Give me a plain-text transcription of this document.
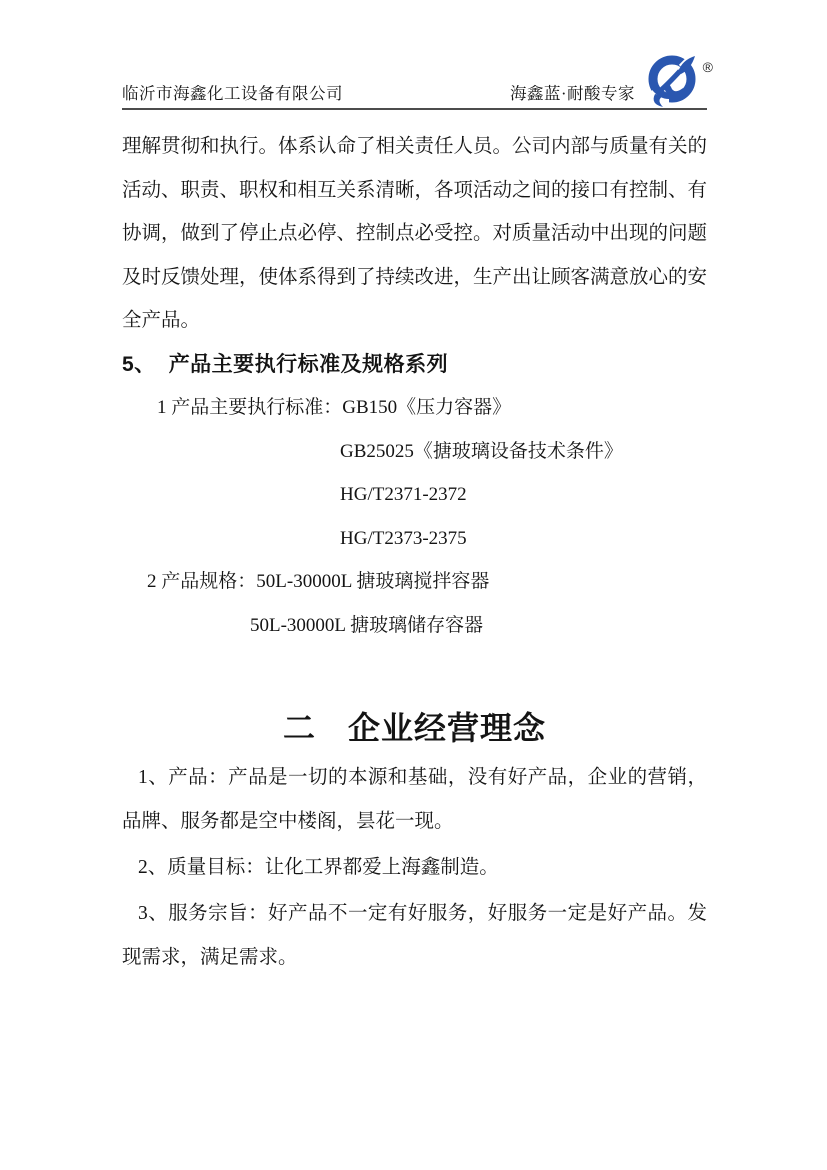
临沂市海鑫化工设备有限公司	海鑫蓝·耐酸专家
®
理解贯彻和执行。体系认命了相关责任人员。公司内部与质量有关的
活动、职责、职权和相互关系清晰，各项活动之间的接口有控制、有
协调，做到了停止点必停、控制点必受控。对质量活动中出现的问题
及时反馈处理，使体系得到了持续改进，生产出让顾客满意放心的安
全产品。
5、 产品主要执行标准及规格系列
1 产品主要执行标准：GB150《压力容器》
GB25025《搪玻璃设备技术条件》
HG/T2371-2372
HG/T2373-2375
2 产品规格：50L-30000L 搪玻璃搅拌容器
50L-30000L 搪玻璃储存容器
二 企业经营理念
1、产品：产品是一切的本源和基础，没有好产品，企业的营销，
品牌、服务都是空中楼阁，昙花一现。
2、质量目标：让化工界都爱上海鑫制造。
3、服务宗旨：好产品不一定有好服务，好服务一定是好产品。发
现需求，满足需求。
